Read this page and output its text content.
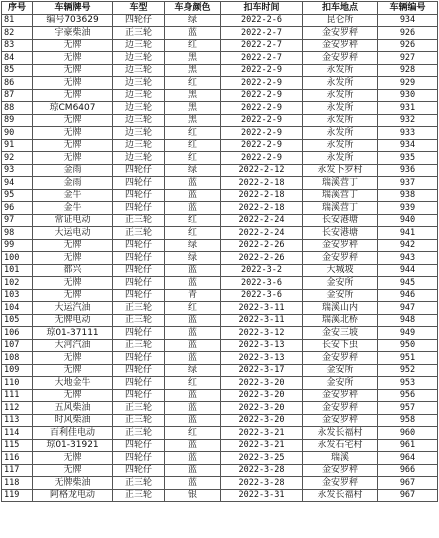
序号	车辆牌号	车型	车身颜色	扣车时间	扣车地点	车辆编号
81	编号703629	四轮仔	绿	2022-2-6	昆仑所	934
82	宇豪柴油	正三轮	蓝	2022-2-7	金安罗秤	926
83	无牌	边三轮	红	2022-2-7	金安罗秤	926
84	无牌	边三轮	黑	2022-2-7	金安罗秤	927
85	无牌	边三轮	黑	2022-2-9	永发所	928
86	无牌	边三轮	红	2022-2-9	永发所	929
87	无牌	边三轮	黑	2022-2-9	永发所	930
88	琼CM6407	边三轮	黑	2022-2-9	永发所	931
89	无牌	边三轮	黑	2022-2-9	永发所	932
90	无牌	边三轮	红	2022-2-9	永发所	933
91	无牌	边三轮	红	2022-2-9	永发所	934
92	无牌	边三轮	红	2022-2-9	永发所	935
93	金雨	四轮仔	绿	2022-2-12	永发卜罗村	936
94	金雨	四轮仔	蓝	2022-2-18	瑞溪营丁	937
95	金牛	四轮仔	蓝	2022-2-18	瑞溪营丁	938
96	金牛	四轮仔	蓝	2022-2-18	瑞溪营丁	939
97	常证电动	正三轮	红	2022-2-24	长安港塘	940
98	大运电动	正三轮	红	2022-2-24	长安港塘	941
99	无牌	四轮仔	绿	2022-2-26	金安罗秤	942
100	无牌	四轮仔	绿	2022-2-26	金安罗秤	943
101	都兴	四轮仔	蓝	2022-3-2	大城坡	944
102	无牌	四轮仔	蓝	2022-3-6	金安所	945
103	无牌	四轮仔	青	2022-3-6	金安所	946
104	大运汽油	正三轮	红	2022-3-11	瑞溪山内	947
105	无牌电动	正三轮	蓝	2022-3-11	瑞溪北桥	948
106	琼01-37111	四轮仔	蓝	2022-3-12	金安三坡	949
107	大河汽油	正三轮	蓝	2022-3-13	长安下虫	950
108	无牌	四轮仔	蓝	2022-3-13	金安罗秤	951
109	无牌	四轮仔	绿	2022-3-17	金安所	952
110	大地金牛	四轮仔	红	2022-3-20	金安所	953
111	无牌	四轮仔	蓝	2022-3-20	金安罗秤	956
112	五风柴油	正三轮	蓝	2022-3-20	金安罗秤	957
113	时风柴油	正三轮	蓝	2022-3-20	金安罗秤	958
114	百利佳电动	正三轮	红	2022-3-21	永发长福村	960
115	琼01-31921	四轮仔	蓝	2022-3-21	永发石宅村	961
116	无牌	四轮仔	蓝	2022-3-25	瑞溪	964
117	无牌	四轮仔	蓝	2022-3-28	金安罗秤	966
118	无牌柴油	正三轮	蓝	2022-3-28	金安罗秤	967
119	阿格龙电动	正三轮	银	2022-3-31	永发长福村	967
